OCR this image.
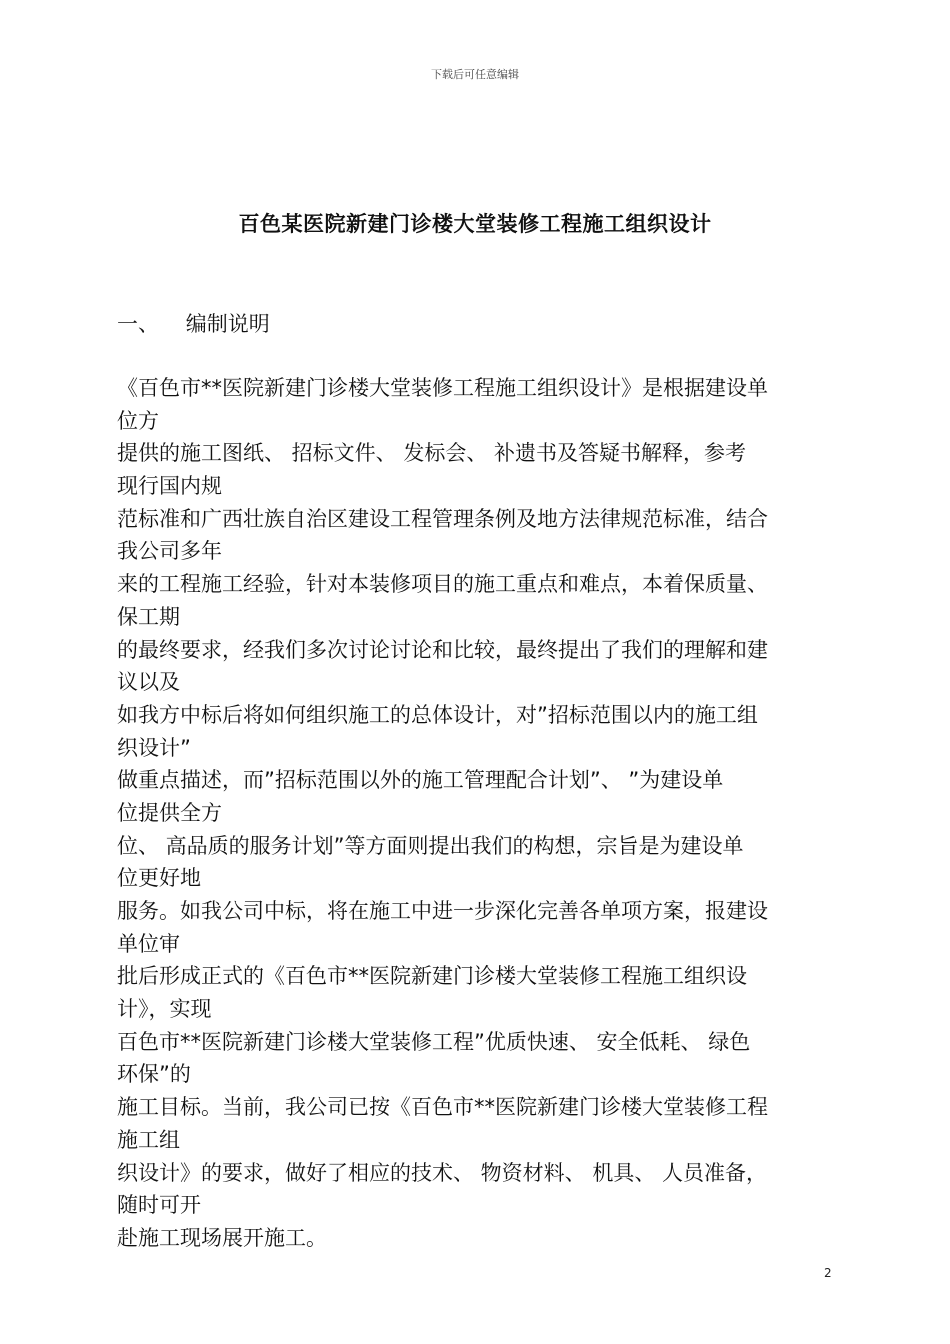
下载后可任意编辑
百色某医院新建门诊楼大堂装修工程施工组织设计
一、 编制说明
《百色市**医院新建门诊楼大堂装修工程施工组织设计》是根据建设单
位方
提供的施工图纸、 招标文件、 发标会、 补遗书及答疑书解释，参考
现行国内规
范标准和广西壮族自治区建设工程管理条例及地方法律规范标准，结合
我公司多年
来的工程施工经验，针对本装修项目的施工重点和难点，本着保质量、
保工期
的最终要求，经我们多次讨论讨论和比较，最终提出了我们的理解和建
议以及
如我方中标后将如何组织施工的总体设计，对”招标范围以内的施工组
织设计”
做重点描述，而”招标范围以外的施工管理配合计划”、 ”为建设单
位提供全方
位、 高品质的服务计划”等方面则提出我们的构想，宗旨是为建设单
位更好地
服务。如我公司中标，将在施工中进一步深化完善各单项方案，报建设
单位审
批后形成正式的《百色市**医院新建门诊楼大堂装修工程施工组织设
计》，实现
百色市**医院新建门诊楼大堂装修工程”优质快速、 安全低耗、 绿色
环保”的
施工目标。当前，我公司已按《百色市**医院新建门诊楼大堂装修工程
施工组
织设计》的要求，做好了相应的技术、 物资材料、 机具、 人员准备，
随时可开
赴施工现场展开施工。
2
